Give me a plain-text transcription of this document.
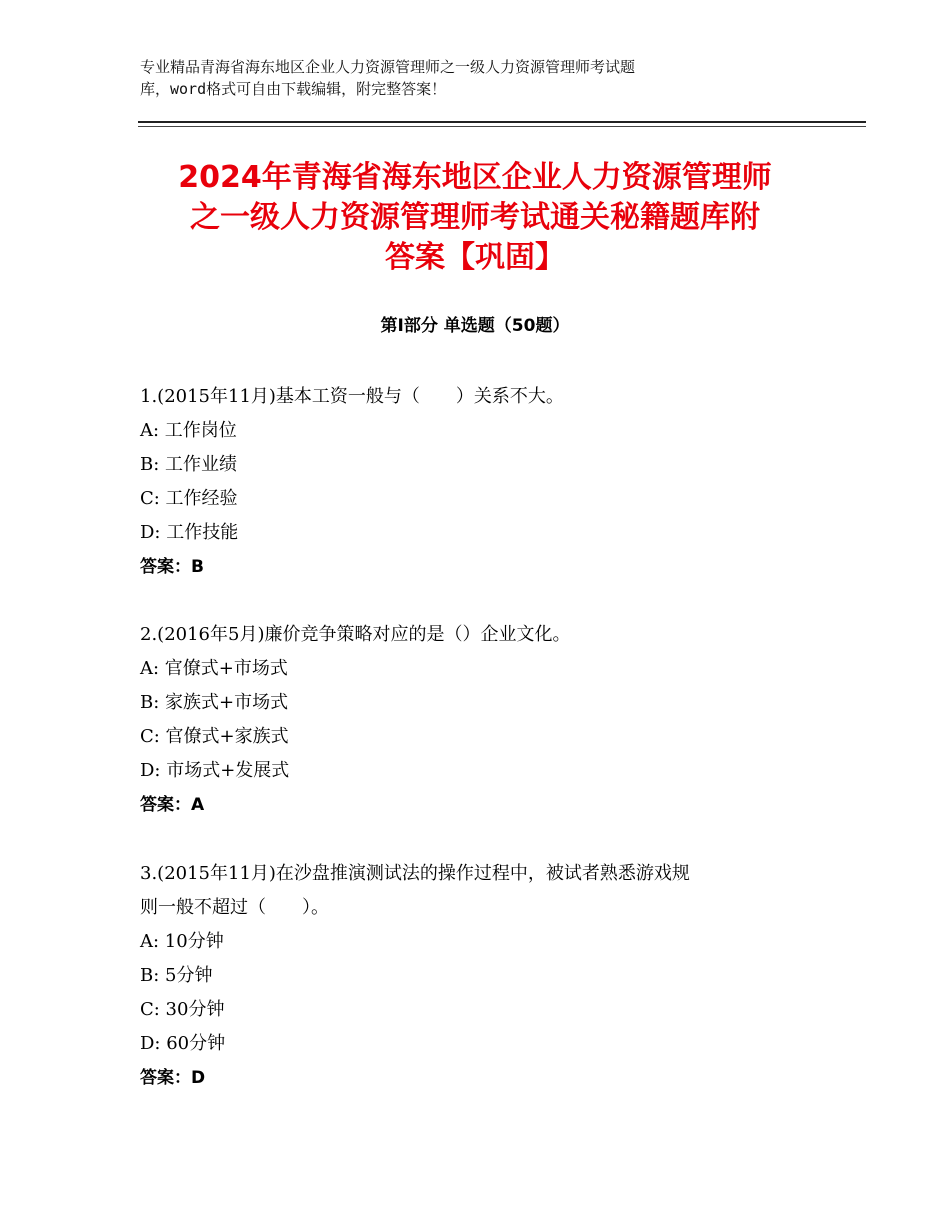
专业精品青海省海东地区企业人力资源管理师之一级人力资源管理师考试题
库，word格式可自由下载编辑，附完整答案！
2024年青海省海东地区企业人力资源管理师
之一级人力资源管理师考试通关秘籍题库附
答案【巩固】
第Ⅰ部分 单选题（50题）
1.(2015年11月)基本工资一般与（　　）关系不大。
A: 工作岗位
B: 工作业绩
C: 工作经验
D: 工作技能
答案：B
2.(2016年5月)廉价竞争策略对应的是（）企业文化。
A: 官僚式+市场式
B: 家族式+市场式
C: 官僚式+家族式
D: 市场式+发展式
答案：A
3.(2015年11月)在沙盘推演测试法的操作过程中，被试者熟悉游戏规
则一般不超过（　　）。
A: 10分钟
B: 5分钟
C: 30分钟
D: 60分钟
答案：D
